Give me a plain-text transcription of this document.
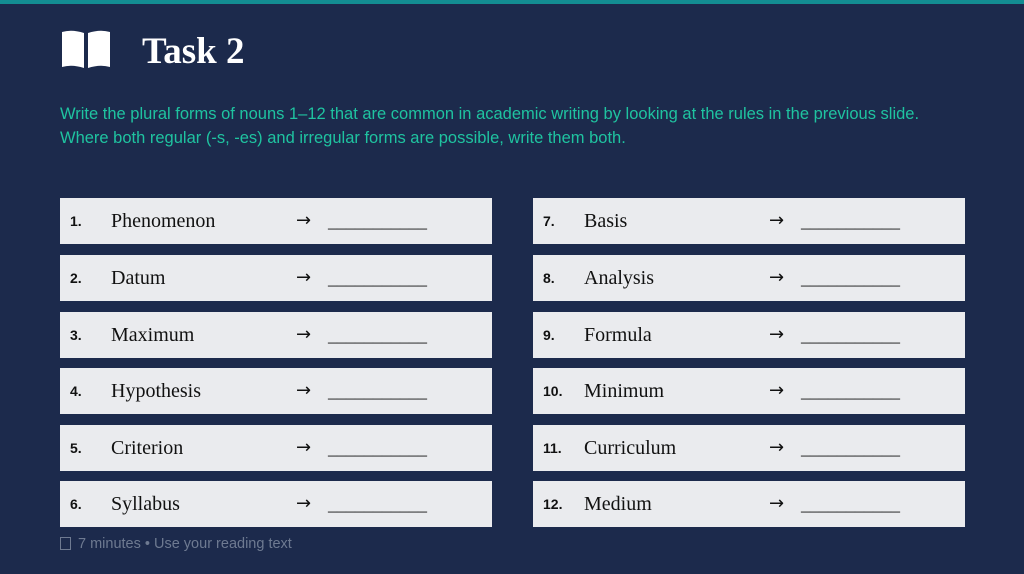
Task 2

Write the plural forms of nouns 1–12 that are common in academic writing by looking at the rules in the previous slide.

Where both regular (-s, -es) and irregular forms are possible, write them both.

1. Phenomenon	→ ___________
2. Datum	→ ___________
3. Maximum	→ ___________
4. Hypothesis	→ ___________
5. Criterion	→ ___________
6. Syllabus	→ ___________
7. Basis	→ ___________
8. Analysis	→ ___________
9. Formula	→ ___________
10. Minimum	→ ___________
11. Curriculum	→ ___________
12. Medium	→ ___________
7 minutes • Use your reading text
